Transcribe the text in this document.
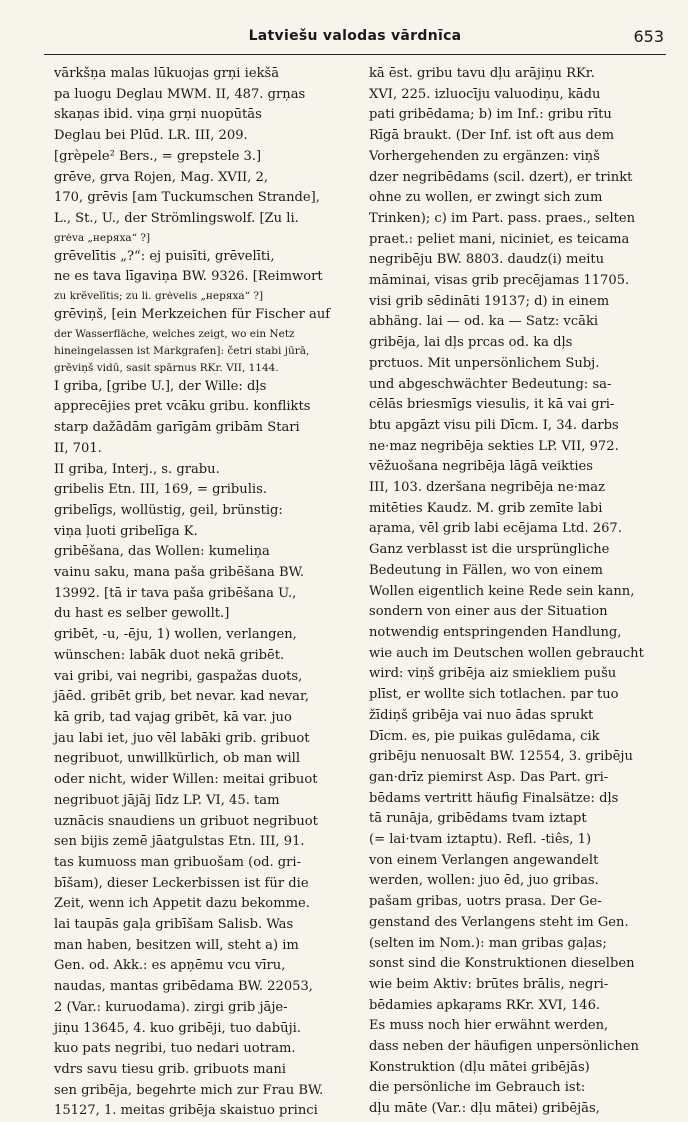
Latviešu valodas vārdnīca	653
vārkšņa malas lūkuojas grņi iekšā
pa luogu Deglau MWM. II, 487. grņas
skaņas ibid. viņa grņi nuopūtās
Deglau bei Plūd. LR. III, 209.
[grèpele² Bers., = grepstele 3.]
grēve, grva Rojen, Mag. XVII, 2,
170, grēvis [am Tuckumschen Strande],
L., St., U., der Strömlingswolf. [Zu li.
grėva „неряха“ ?]
grēvelītis „?“: ej puisīti, grēvelīti,
ne es tava līgaviņa BW. 9326. [Reimwort
zu krēvelītis; zu li. grėvelis „неряха“ ?]
grēviņš, [ein Merkzeichen für Fischer auf
der Wasserfläche, welches zeigt, wo ein Netz
hineingelassen ist Markgrafen]: četri stabi jūrā,
grēviņš vidū, sasit spārnus RKr. VII, 1144.
I griba, [gribe U.], der Wille: dļs
apprecējies pret vcāku gribu. konflikts
starp dažādām garīgām gribām Stari
II, 701.
II griba, Interj., s. grabu.
gribelis Etn. III, 169, = gribulis.
gribelīgs, wollüstig, geil, brünstig:
viņa ļuoti gribelīga K.
gribēšana, das Wollen: kumeliņa
vainu saku, mana paša gribēšana BW.
13992. [tā ir tava paša gribēšana U.,
du hast es selber gewollt.]
gribēt, -u, -ēju, 1) wollen, verlangen,
wünschen: labāk duot nekā gribēt.
vai gribi, vai negribi, gaspažas duots,
jāēd. gribēt grib, bet nevar. kad nevar,
kā grib, tad vajag gribēt, kā var. juo
jau labi iet, juo vēl labāki grib. gribuot
negribuot, unwillkürlich, ob man will
oder nicht, wider Willen: meitai gribuot
negribuot jājāj līdz LP. VI, 45. tam
uznācis snaudiens un gribuot negribuot
sen bijis zemē jāatgulstas Etn. III, 91.
tas kumuoss man gribuošam (od. gri-
bīšam), dieser Leckerbissen ist für die
Zeit, wenn ich Appetit dazu bekomme.
lai taupās gaļa gribīšam Salisb. Was
man haben, besitzen will, steht a) im
Gen. od. Akk.: es apņēmu vcu vīru,
naudas, mantas gribēdama BW. 22053,
2 (Var.: kuruodama). zirgi grib jāje-
jiņu 13645, 4. kuo gribēji, tuo dabūji.
kuo pats negribi, tuo nedari uotram.
vdrs savu tiesu grib. gribuots mani
sen gribēja, begehrte mich zur Frau BW.
15127, 1. meitas gribēja skaistuo princi
kā ēst. gribu tavu dļu arājiņu RKr.
XVI, 225. izluocīju valuodiņu, kādu
pati gribēdama; b) im Inf.: gribu rītu
Rīgā braukt. (Der Inf. ist oft aus dem
Vorhergehenden zu ergänzen: viņš
dzer negribēdams (scil. dzert), er trinkt
ohne zu wollen, er zwingt sich zum
Trinken); c) im Part. pass. praes., selten
praet.: peliet mani, niciniet, es teicama
negribēju BW. 8803. daudz(i) meitu
māminai, visas grib precējamas 11705.
visi grib sēdināti 19137; d) in einem
abhäng. lai — od. ka — Satz: vcāki
gribēja, lai dļs prcas od. ka dļs
prctuos. Mit unpersönlichem Subj.
und abgeschwächter Bedeutung: sa-
cēlās briesmīgs viesulis, it kā vai gri-
btu apgāzt visu pili Dīcm. I, 34. darbs
ne·maz negribēja sekties LP. VII, 972.
vēžuošana negribēja lāgā veikties
III, 103. dzeršana negribēja ne·maz
mitēties Kaudz. M. grib zemīte labi
aŗama, vēl grib labi ecējama Ltd. 267.
Ganz verblasst ist die ursprüngliche
Bedeutung in Fällen, wo von einem
Wollen eigentlich keine Rede sein kann,
sondern von einer aus der Situation
notwendig entspringenden Handlung,
wie auch im Deutschen wollen gebraucht
wird: viņš gribēja aiz smiekliem pušu
plīst, er wollte sich totlachen. par tuo
žīdiņš gribēja vai nuo ādas sprukt
Dīcm. es, pie puikas gulēdama, cik
gribēju nenuosalt BW. 12554, 3. gribēju
gan·drīz piemirst Asp. Das Part. gri-
bēdams vertritt häufig Finalsätze: dļs
tā runāja, gribēdams tvam iztapt
(= lai·tvam iztaptu). Refl. -tiês, 1)
von einem Verlangen angewandelt
werden, wollen: juo ēd, juo gribas.
pašam gribas, uotrs prasa. Der Ge-
genstand des Verlangens steht im Gen.
(selten im Nom.): man gribas gaļas;
sonst sind die Konstruktionen dieselben
wie beim Aktiv: brūtes brālis, negri-
bēdamies apkaŗams RKr. XVI, 146.
Es muss noch hier erwähnt werden,
dass neben der häufigen unpersönlichen
Konstruktion (dļu mātei gribējās)
die persönliche im Gebrauch ist:
dļu māte (Var.: dļu mātei) gribējās,
